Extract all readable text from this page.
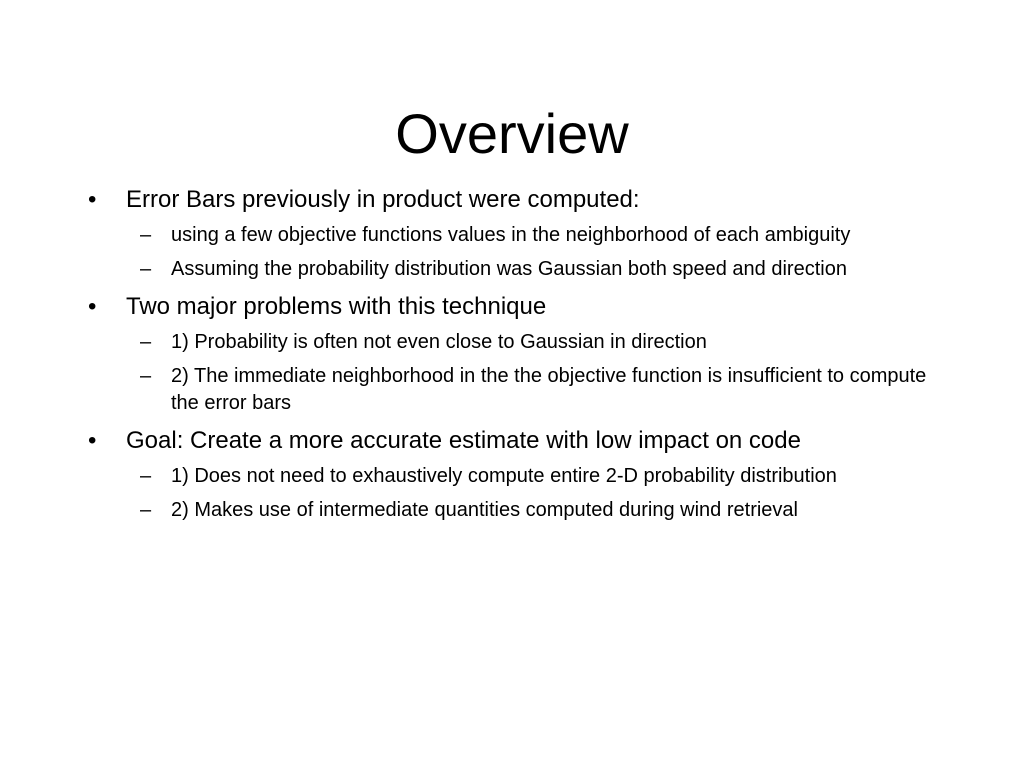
Overview
•	Error Bars previously in product were computed:
– using a few objective functions values in the neighborhood of each ambiguity
– Assuming the probability distribution was Gaussian both speed and direction
•	Two major problems with this technique
– 1) Probability is often not even close to Gaussian in direction
– 2) The immediate neighborhood in the the objective function is insufficient to compute the error bars
•	Goal: Create a more accurate estimate with low impact on code
– 1) Does not need to exhaustively compute entire 2-D probability distribution
– 2) Makes use of intermediate quantities computed during wind retrieval
